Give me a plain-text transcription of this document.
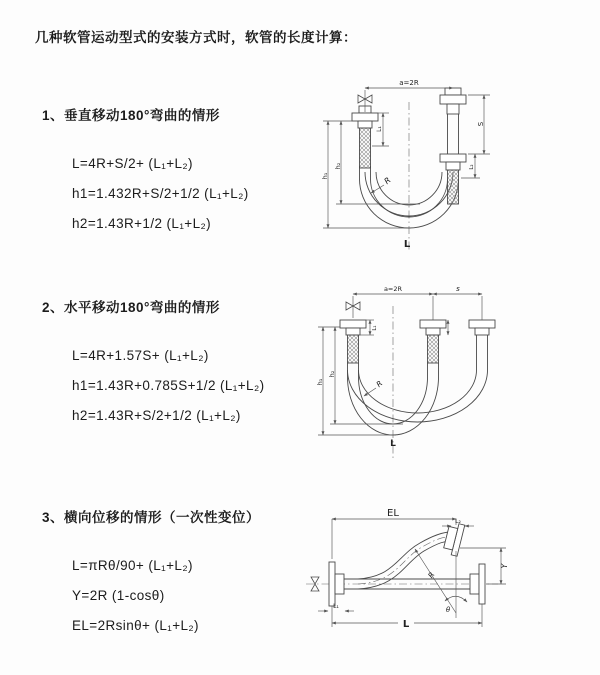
几种软管运动型式的安装方式时，软管的长度计算：
1、垂直移动180°弯曲的情形
L=4R+S/2+ (L₁+L₂)
h1=1.432R+S/2+1/2 (L₁+L₂)
h2=1.43R+1/2 (L₁+L₂)
a=2R
h₁
h₂
L₁
S
L₂
R
L
2、水平移动180°弯曲的情形
L=4R+1.57S+ (L₁+L₂)
h1=1.43R+0.785S+1/2 (L₁+L₂)
h2=1.43R+S/2+1/2 (L₁+L₂)
a=2R	s
h₁
h₂
L₁
R
L
3、横向位移的情形（一次性变位）
L=πRθ/90+ (L₁+L₂)
Y=2R (1-cosθ)
EL=2Rsinθ+ (L₁+L₂)
EL
L₂
Y
R
θ
L₁
L
